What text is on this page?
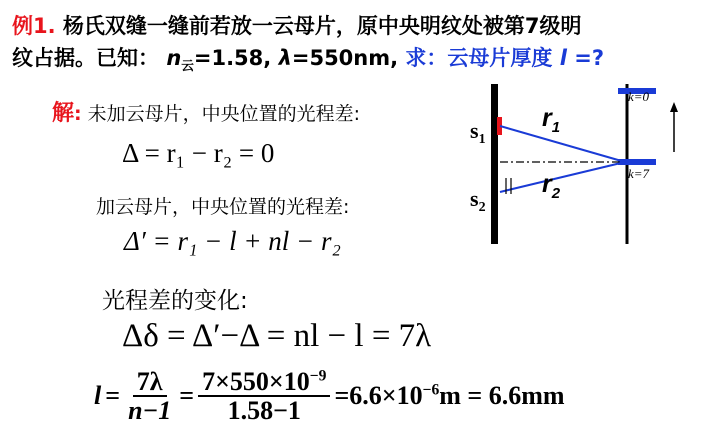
例1. 杨氏双缝一缝前若放一云母片，原中央明纹处被第7级明
纹占据。已知： $n_云=1.58$, λ=550nm, 求：云母片厚度 l =?
解: 未加云母片，中央位置的光程差:
Δ = r₁ − r₂ = 0
加云母片，中央位置的光程差:
Δ′ = r₁ − l + nl − r₂
光程差的变化:
Δδ = Δ′−Δ = nl − l = 7λ
$l = \frac{7\lambda}{n-1} = \frac{7\times 550\times 10^{-9}}{1.58-1} =6.6\times 10^{-6}m = 6.6mm$
$s_1$
$s_2$
$r_1$
$r_2$
k=0
k=7
